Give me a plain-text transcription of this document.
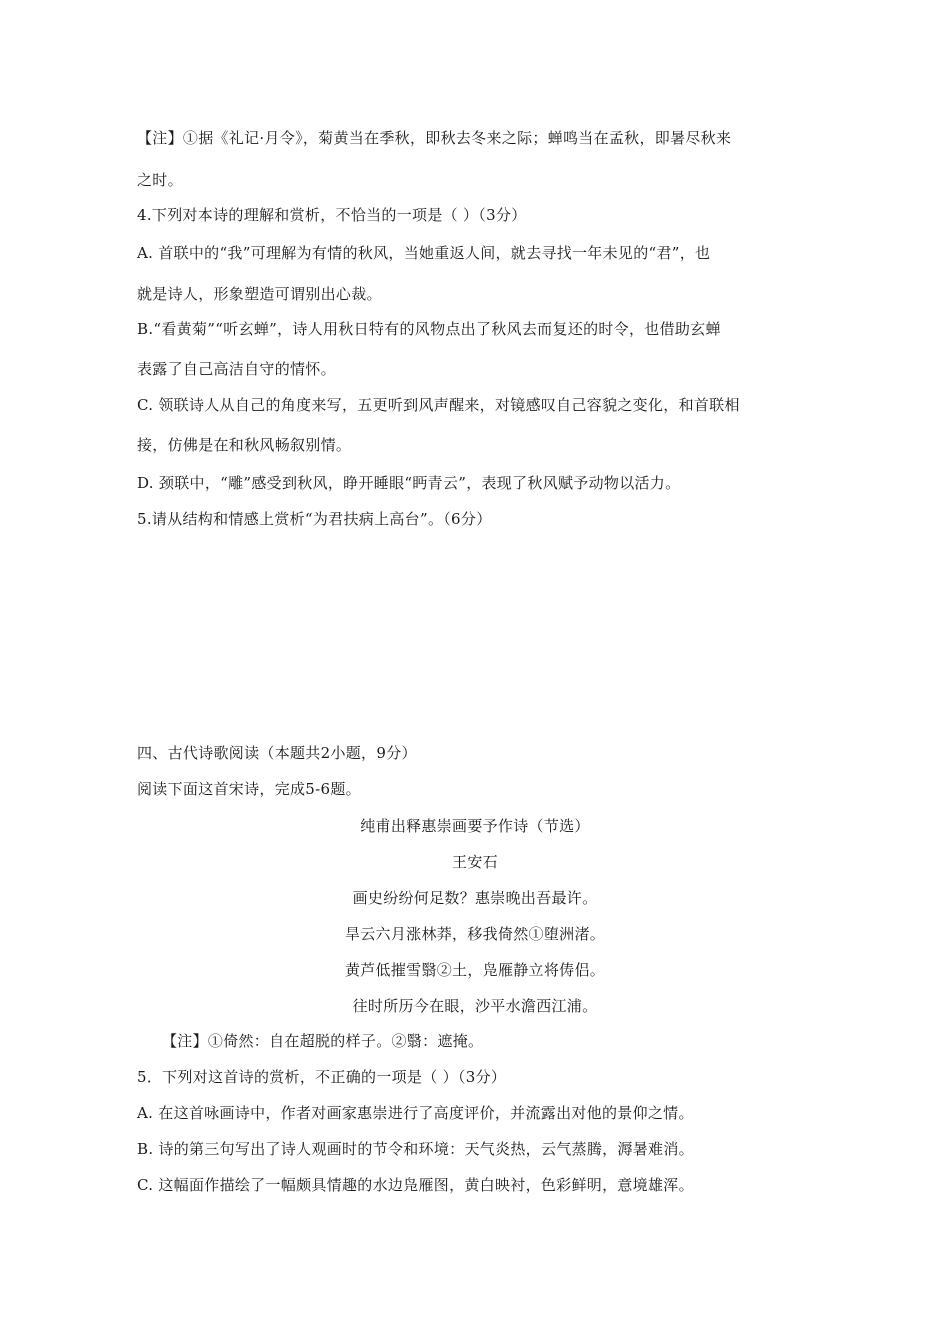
【注】①据《礼记·月令》，菊黄当在季秋，即秋去冬来之际；蝉鸣当在孟秋，即暑尽秋来
之时。
4.下列对本诗的理解和赏析，不恰当的一项是（ ）（3分）
A. 首联中的“我”可理解为有情的秋风，当她重返人间，就去寻找一年未见的“君”，也
就是诗人，形象塑造可谓别出心裁。
B.“看黄菊”“听玄蝉”，诗人用秋日特有的风物点出了秋风去而复还的时令，也借助玄蝉
表露了自己高洁自守的情怀。
C. 领联诗人从自己的角度来写，五更听到风声醒来，对镜感叹自己容貌之变化，和首联相
接，仿佛是在和秋风畅叙别情。
D. 颈联中，“雕”感受到秋风，睁开睡眼“眄青云”，表现了秋风赋予动物以活力。
5.请从结构和情感上赏析“为君扶病上高台”。（6分）
四、古代诗歌阅读（本题共2小题，9分）
阅读下面这首宋诗，完成5-6题。
纯甫出释惠崇画要予作诗（节选）
王安石
画史纷纷何足数？惠崇晚出吾最许。
旱云六月涨林莽，移我倚然①堕洲渚。
黄芦低摧雪翳②土，凫雁静立将俦侣。
往时所历今在眼，沙平水澹西江浦。
【注】①倚然：自在超脱的样子。②翳：遮掩。
5．下列对这首诗的赏析，不正确的一项是（ ）（3分）
A. 在这首咏画诗中，作者对画家惠崇进行了高度评价，并流露出对他的景仰之情。
B. 诗的第三句写出了诗人观画时的节令和环境：天气炎热，云气蒸腾，溽暑难消。
C. 这幅面作描绘了一幅颇具情趣的水边凫雁图，黄白映衬，色彩鲜明，意境雄浑。
